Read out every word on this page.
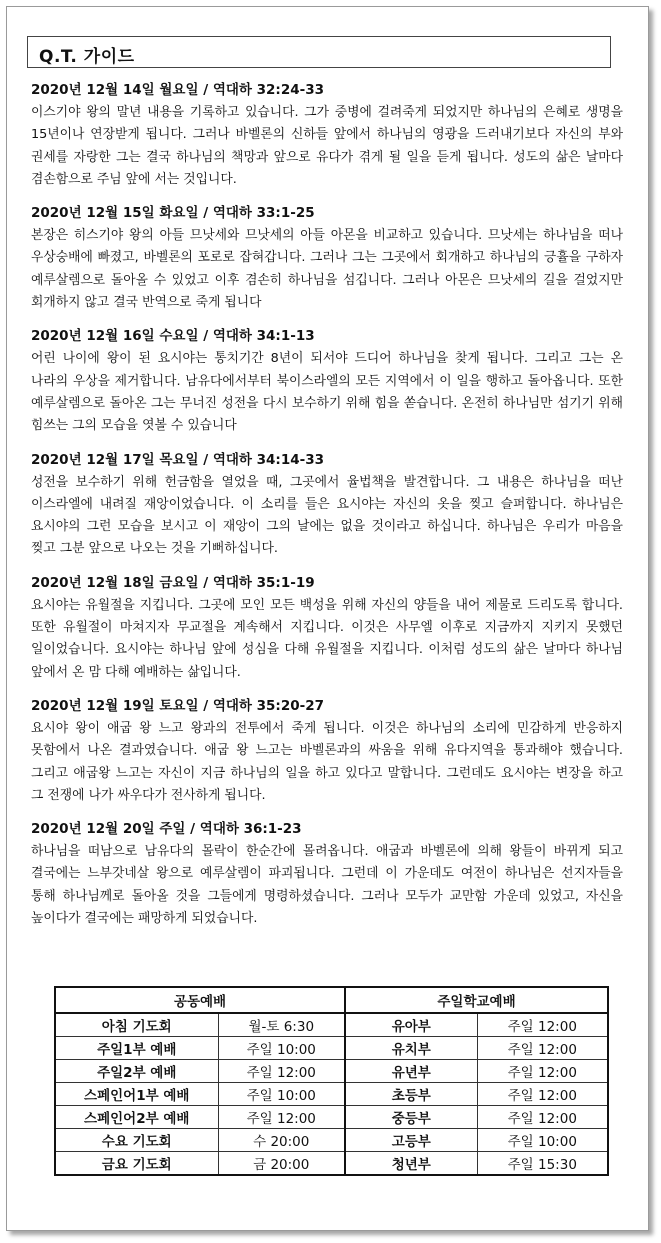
Q.T. 가이드
2020년 12월 14일 월요일 / 역대하 32:24-33
이스기야 왕의 말년 내용을 기록하고 있습니다. 그가 중병에 걸려죽게 되었지만 하나님의 은혜로 생명을 15년이나 연장받게 됩니다. 그러나 바벨론의 신하들 앞에서 하나님의 영광을 드러내기보다 자신의 부와 권세를 자랑한 그는 결국 하나님의 책망과 앞으로 유다가 겪게 될 일을 듣게 됩니다. 성도의 삶은 날마다 겸손함으로 주님 앞에 서는 것입니다.
2020년 12월 15일 화요일 / 역대하 33:1-25
본장은 히스기야 왕의 아들 므낫세와 므낫세의 아들 아몬을 비교하고 있습니다. 므낫세는 하나님을 떠나 우상숭배에 빠졌고, 바벨론의 포로로 잡혀갑니다. 그러나 그는 그곳에서 회개하고 하나님의 긍휼을 구하자 예루살렘으로 돌아올 수 있었고 이후 겸손히 하나님을 섬깁니다. 그러나 아몬은 므낫세의 길을 걸었지만 회개하지 않고 결국 반역으로 죽게 됩니다
2020년 12월 16일 수요일 / 역대하 34:1-13
어린 나이에 왕이 된 요시야는 통치기간 8년이 되서야 드디어 하나님을 찾게 됩니다. 그리고 그는 온 나라의 우상을 제거합니다. 남유다에서부터 북이스라엘의 모든 지역에서 이 일을 행하고 돌아옵니다. 또한 예루살렘으로 돌아온 그는 무너진 성전을 다시 보수하기 위해 힘을 쏟습니다. 온전히 하나님만 섬기기 위해 힘쓰는 그의 모습을 엿볼 수 있습니다
2020년 12월 17일 목요일 / 역대하 34:14-33
성전을 보수하기 위해 헌금함을 열었을 때, 그곳에서 율법책을 발견합니다. 그 내용은 하나님을 떠난 이스라엘에 내려질 재앙이었습니다. 이 소리를 들은 요시야는 자신의 옷을 찢고 슬퍼합니다. 하나님은 요시야의 그런 모습을 보시고 이 재앙이 그의 날에는 없을 것이라고 하십니다. 하나님은 우리가 마음을 찢고 그분 앞으로 나오는 것을 기뻐하십니다.
2020년 12월 18일 금요일 / 역대하 35:1-19
요시야는 유월절을 지킵니다. 그곳에 모인 모든 백성을 위해 자신의 양들을 내어 제물로 드리도록 합니다. 또한 유월절이 마쳐지자 무교절을 계속해서 지킵니다. 이것은 사무엘 이후로 지금까지 지키지 못했던 일이었습니다. 요시야는 하나님 앞에 성심을 다해 유월절을 지킵니다. 이처럼 성도의 삶은 날마다 하나님 앞에서 온 맘 다해 예배하는 삶입니다.
2020년 12월 19일 토요일 / 역대하 35:20-27
요시야 왕이 애굽 왕 느고 왕과의 전투에서 죽게 됩니다. 이것은 하나님의 소리에 민감하게 반응하지 못함에서 나온 결과였습니다. 애굽 왕 느고는 바벨론과의 싸움을 위해 유다지역을 통과해야 했습니다. 그리고 애굽왕 느고는 자신이 지금 하나님의 일을 하고 있다고 말합니다. 그런데도 요시야는 변장을 하고 그 전쟁에 나가 싸우다가 전사하게 됩니다.
2020년 12월 20일 주일 / 역대하 36:1-23
하나님을 떠남으로 남유다의 몰락이 한순간에 몰려옵니다. 애굽과 바벨론에 의해 왕들이 바뀌게 되고 결국에는 느부갓네살 왕으로 예루살렘이 파괴됩니다. 그런데 이 가운데도 여전이 하나님은 선지자들을 통해 하나님께로 돌아올 것을 그들에게 명령하셨습니다. 그러나 모두가 교만함 가운데 있었고, 자신을 높이다가 결국에는 패망하게 되었습니다.
공동예배		주일학교예배	
아침 기도회	월-토 6:30	유아부	주일 12:00
주일1부 예배	주일 10:00	유치부	주일 12:00
주일2부 예배	주일 12:00	유년부	주일 12:00
스페인어1부 예배	주일 10:00	초등부	주일 12:00
스페인어2부 예배	주일 12:00	중등부	주일 12:00
수요 기도회	수 20:00	고등부	주일 10:00
금요 기도회	금 20:00	청년부	주일 15:30
